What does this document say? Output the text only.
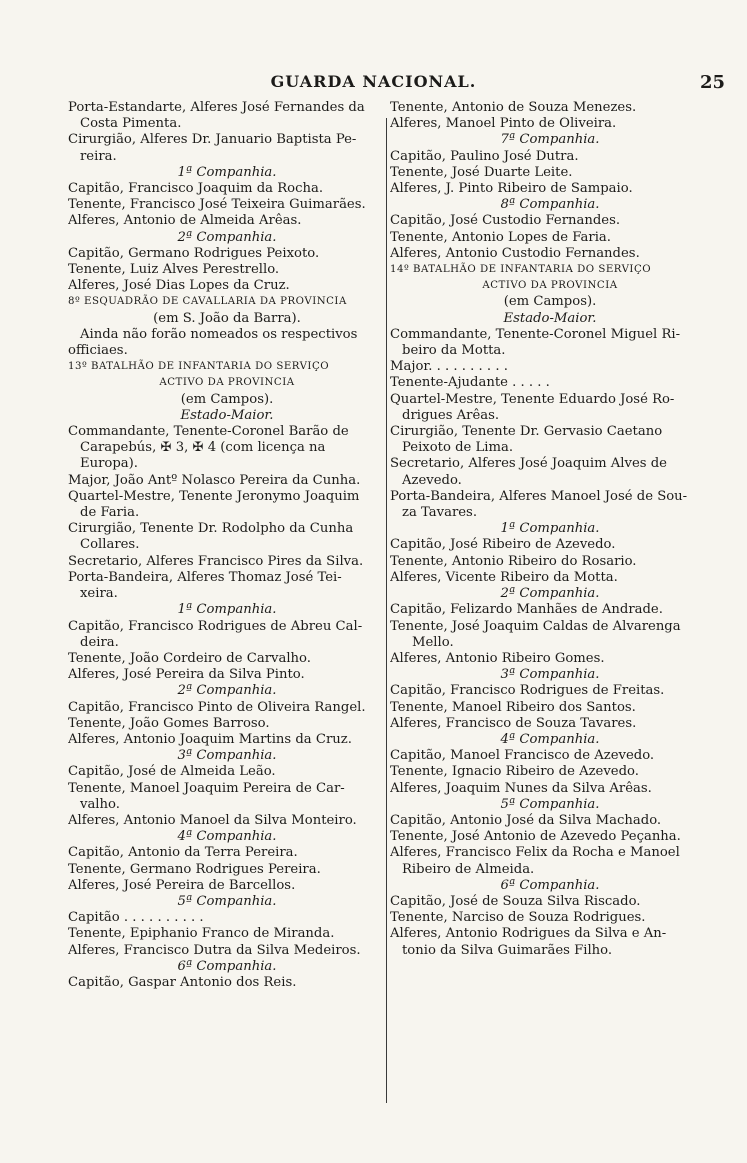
GUARDA NACIONAL.	25
Porta-Estandarte, Alferes José Fernandes da
Costa Pimenta.
Cirurgião, Alferes Dr. Januario Baptista Pe-
reira.
1ª Companhia.
Capitão, Francisco Joaquim da Rocha.
Tenente, Francisco José Teixeira Guimarães.
Alferes, Antonio de Almeida Arêas.
2ª Companhia.
Capitão, Germano Rodrigues Peixoto.
Tenente, Luiz Alves Perestrello.
Alferes, José Dias Lopes da Cruz.
8º ESQUADRÃO DE CAVALLARIA DA PROVINCIA
(em S. João da Barra).
Ainda não forão nomeados os respectivos
officiaes.
13º BATALHÃO DE INFANTARIA DO SERVIÇO
ACTIVO DA PROVINCIA
(em Campos).
Estado-Maior.
Commandante, Tenente-Coronel Barão de
Carapebús, ✠ 3, ✠ 4 (com licença na
Europa).
Major, João Antº Nolasco Pereira da Cunha.
Quartel-Mestre, Tenente Jeronymo Joaquim
de Faria.
Cirurgião, Tenente Dr. Rodolpho da Cunha
Collares.
Secretario, Alferes Francisco Pires da Silva.
Porta-Bandeira, Alferes Thomaz José Tei-
xeira.
1ª Companhia.
Capitão, Francisco Rodrigues de Abreu Cal-
deira.
Tenente, João Cordeiro de Carvalho.
Alferes, José Pereira da Silva Pinto.
2ª Companhia.
Capitão, Francisco Pinto de Oliveira Rangel.
Tenente, João Gomes Barroso.
Alferes, Antonio Joaquim Martins da Cruz.
3ª Companhia.
Capitão, José de Almeida Leão.
Tenente, Manoel Joaquim Pereira de Car-
valho.
Alferes, Antonio Manoel da Silva Monteiro.
4ª Companhia.
Capitão, Antonio da Terra Pereira.
Tenente, Germano Rodrigues Pereira.
Alferes, José Pereira de Barcellos.
5ª Companhia.
Capitão . . . . . . . . . .
Tenente, Epiphanio Franco de Miranda.
Alferes, Francisco Dutra da Silva Medeiros.
6ª Companhia.
Capitão, Gaspar Antonio dos Reis.
Tenente, Antonio de Souza Menezes.
Alferes, Manoel Pinto de Oliveira.
7ª Companhia.
Capitão, Paulino José Dutra.
Tenente, José Duarte Leite.
Alferes, J. Pinto Ribeiro de Sampaio.
8ª Companhia.
Capitão, José Custodio Fernandes.
Tenente, Antonio Lopes de Faria.
Alferes, Antonio Custodio Fernandes.
14º BATALHÃO DE INFANTARIA DO SERVIÇO
ACTIVO DA PROVINCIA
(em Campos).
Estado-Maior.
Commandante, Tenente-Coronel Miguel Ri-
beiro da Motta.
Major. . . . . . . . . .
Tenente-Ajudante . . . . .
Quartel-Mestre, Tenente Eduardo José Ro-
drigues Arêas.
Cirurgião, Tenente Dr. Gervasio Caetano
Peixoto de Lima.
Secretario, Alferes José Joaquim Alves de
Azevedo.
Porta-Bandeira, Alferes Manoel José de Sou-
za Tavares.
1ª Companhia.
Capitão, José Ribeiro de Azevedo.
Tenente, Antonio Ribeiro do Rosario.
Alferes, Vicente Ribeiro da Motta.
2ª Companhia.
Capitão, Felizardo Manhães de Andrade.
Tenente, José Joaquim Caldas de Alvarenga
Mello.
Alferes, Antonio Ribeiro Gomes.
3ª Companhia.
Capitão, Francisco Rodrigues de Freitas.
Tenente, Manoel Ribeiro dos Santos.
Alferes, Francisco de Souza Tavares.
4ª Companhia.
Capitão, Manoel Francisco de Azevedo.
Tenente, Ignacio Ribeiro de Azevedo.
Alferes, Joaquim Nunes da Silva Arêas.
5ª Companhia.
Capitão, Antonio José da Silva Machado.
Tenente, José Antonio de Azevedo Peçanha.
Alferes, Francisco Felix da Rocha e Manoel
Ribeiro de Almeida.
6ª Companhia.
Capitão, José de Souza Silva Riscado.
Tenente, Narciso de Souza Rodrigues.
Alferes, Antonio Rodrigues da Silva e An-
tonio da Silva Guimarães Filho.
